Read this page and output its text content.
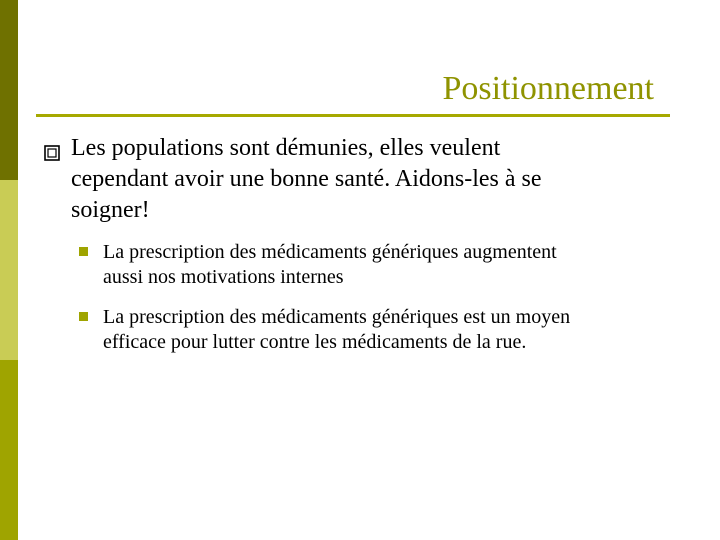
Positionnement
Les populations sont démunies, elles veulent
cependant avoir une bonne santé. Aidons-les à se
soigner!
La prescription des médicaments génériques augmentent
aussi nos motivations internes
La prescription des médicaments génériques est un moyen
efficace pour lutter contre les médicaments de la rue.
